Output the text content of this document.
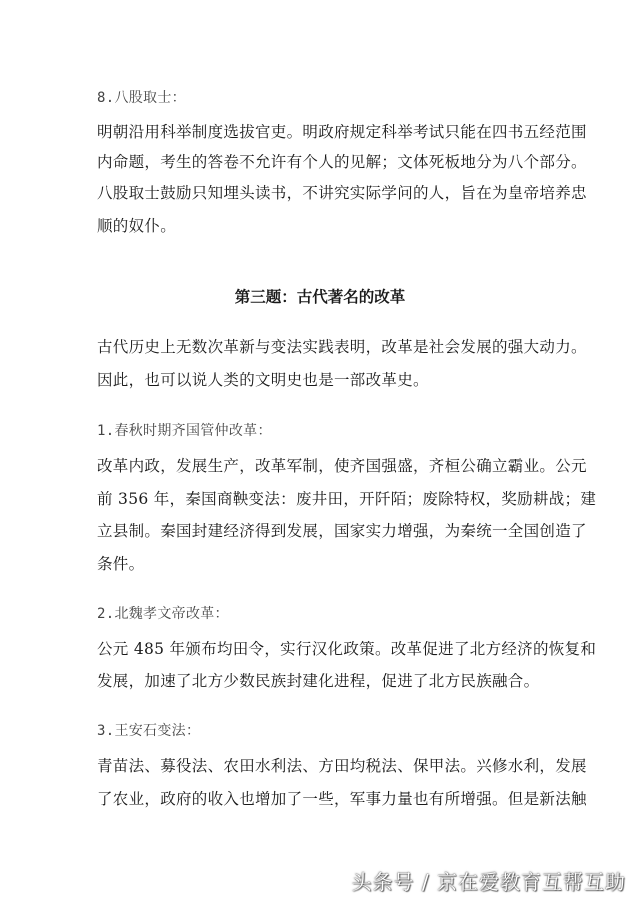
8.八股取士：
明朝沿用科举制度选拔官吏。明政府规定科举考试只能在四书五经范围
内命题，考生的答卷不允许有个人的见解；文体死板地分为八个部分。
八股取士鼓励只知埋头读书，不讲究实际学问的人，旨在为皇帝培养忠
顺的奴仆。
第三题：古代著名的改革
古代历史上无数次革新与变法实践表明，改革是社会发展的强大动力。
因此，也可以说人类的文明史也是一部改革史。
1.春秋时期齐国管仲改革：
改革内政，发展生产，改革军制，使齐国强盛，齐桓公确立霸业。公元
前 356 年，秦国商鞅变法：废井田，开阡陌；废除特权，奖励耕战；建
立县制。秦国封建经济得到发展，国家实力增强，为秦统一全国创造了
条件。
2.北魏孝文帝改革：
公元 485 年颁布均田令，实行汉化政策。改革促进了北方经济的恢复和
发展，加速了北方少数民族封建化进程，促进了北方民族融合。
3.王安石变法：
青苗法、募役法、农田水利法、方田均税法、保甲法。兴修水利，发展
了农业，政府的收入也增加了一些，军事力量也有所增强。但是新法触
头条号 / 京在爱教育互帮互助
